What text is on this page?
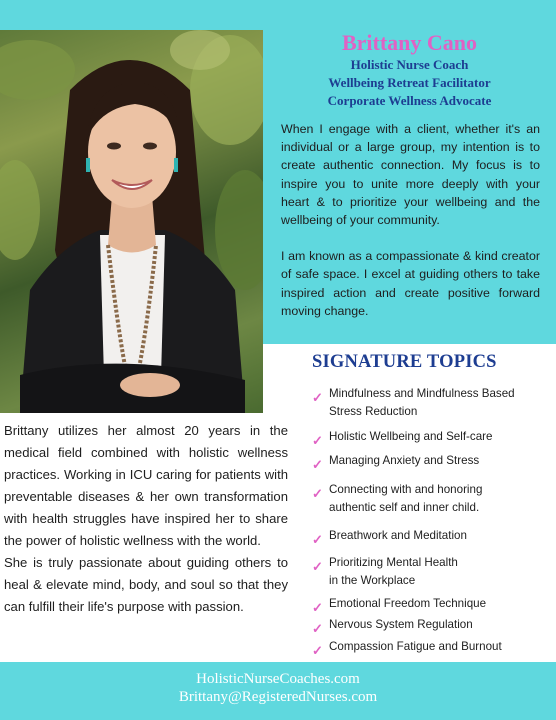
Brittany Cano
Holistic Nurse Coach
Wellbeing Retreat Facilitator
Corporate Wellness Advocate

When I engage with a client, whether it's an individual or a large group, my intention is to create authentic connection. My focus is to inspire you to unite more deeply with your heart & to prioritize your wellbeing and the wellbeing of your community.

I am known as a compassionate & kind creator of safe space. I excel at guiding others to take inspired action and create positive forward moving change.

SIGNATURE TOPICS
✓ Mindfulness and Mindfulness Based
Stress Reduction
✓ Holistic Wellbeing and Self-care
✓ Managing Anxiety and Stress
✓ Connecting with and honoring
authentic self and inner child.
✓ Breathwork and Meditation
✓ Prioritizing Mental Health
in the Workplace
✓ Emotional Freedom Technique
✓ Nervous System Regulation
✓ Compassion Fatigue and Burnout

Brittany utilizes her almost 20 years in the medical field combined with holistic wellness practices. Working in ICU caring for patients with preventable diseases & her own transformation with health struggles have inspired her to share the power of holistic wellness with the world.

She is truly passionate about guiding others to heal & elevate mind, body, and soul so that they can fulfill their life's purpose with passion.

HolisticNurseCoaches.com
Brittany@RegisteredNurses.com
